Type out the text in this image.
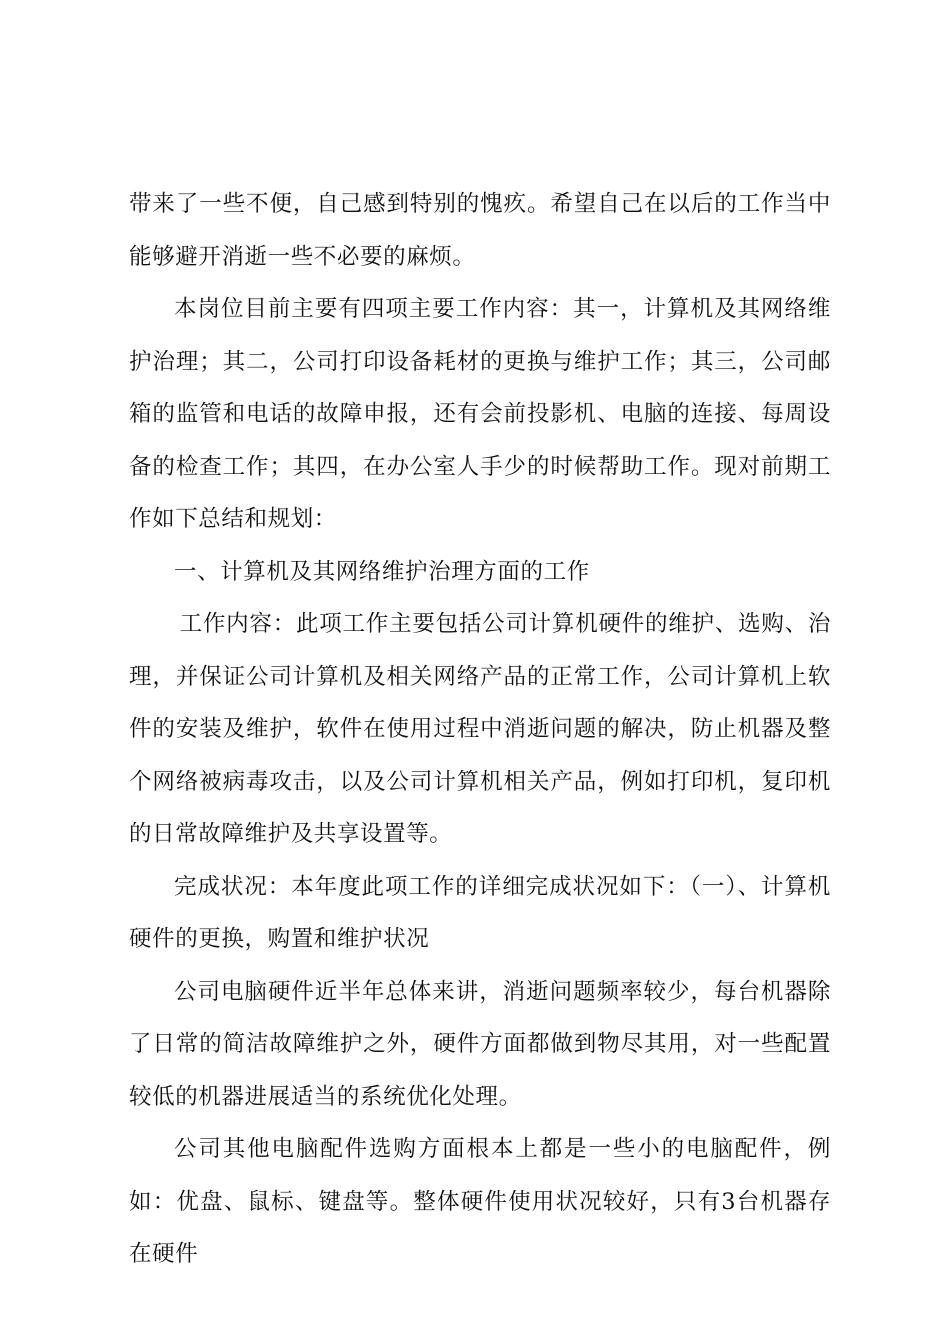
带来了一些不便，自己感到特别的愧疚。希望自己在以后的工作当中能够避开消逝一些不必要的麻烦。

本岗位目前主要有四项主要工作内容：其一，计算机及其网络维护治理；其二，公司打印设备耗材的更换与维护工作；其三，公司邮箱的监管和电话的故障申报，还有会前投影机、电脑的连接、每周设备的检查工作；其四，在办公室人手少的时候帮助工作。现对前期工作如下总结和规划：

一、计算机及其网络维护治理方面的工作

工作内容：此项工作主要包括公司计算机硬件的维护、选购、治理，并保证公司计算机及相关网络产品的正常工作，公司计算机上软件的安装及维护，软件在使用过程中消逝问题的解决，防止机器及整个网络被病毒攻击，以及公司计算机相关产品，例如打印机，复印机的日常故障维护及共享设置等。

完成状况：本年度此项工作的详细完成状况如下：（一）、计算机硬件的更换，购置和维护状况

公司电脑硬件近半年总体来讲，消逝问题频率较少，每台机器除了日常的简洁故障维护之外，硬件方面都做到物尽其用，对一些配置较低的机器进展适当的系统优化处理。

公司其他电脑配件选购方面根本上都是一些小的电脑配件，例如：优盘、鼠标、键盘等。整体硬件使用状况较好，只有3台机器存在硬件
